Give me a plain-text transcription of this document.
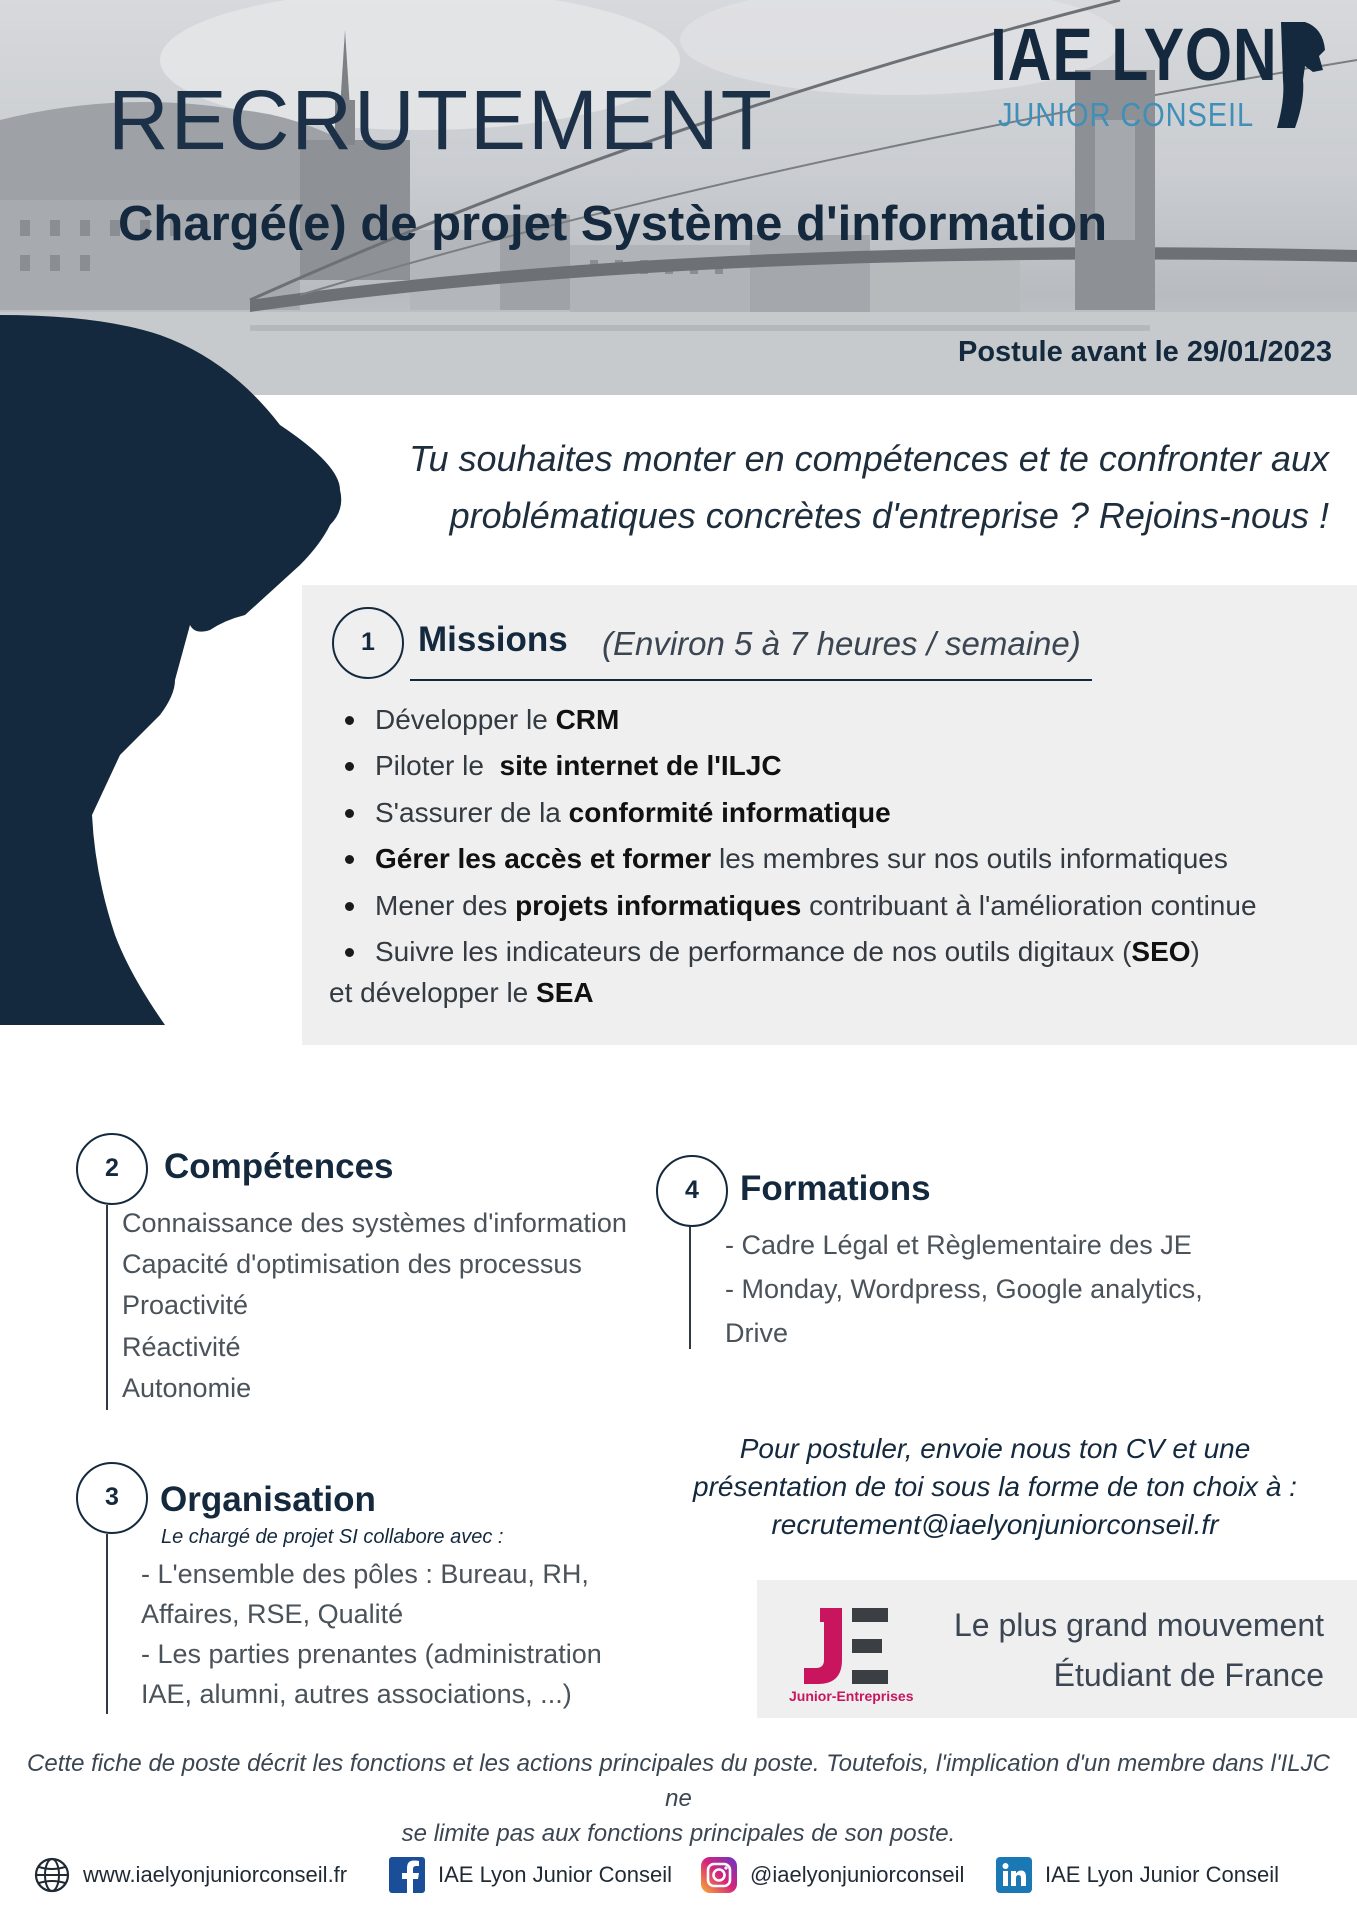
RECRUTEMENT
Chargé(e) de projet Système d'information
Postule avant le 29/01/2023
IAE LYON
JUNIOR CONSEIL
Tu souhaites monter en compétences et te confronter aux
problématiques concrètes d'entreprise ? Rejoins-nous !
1	Missions (Environ 5 à 7 heures / semaine)
Développer le CRM
Piloter le  site internet de l'ILJC
S'assurer de la conformité informatique
Gérer les accès et former les membres sur nos outils informatiques
Mener des projets informatiques contribuant à l'amélioration continue
Suivre les indicateurs de performance de nos outils digitaux (SEO)
et développer le SEA
2	Compétences
Connaissance des systèmes d'information
Capacité d'optimisation des processus
Proactivité
Réactivité
Autonomie
4	Formations
- Cadre Légal et Règlementaire des JE
- Monday, Wordpress, Google analytics,
Drive
3	Organisation
Le chargé de projet SI collabore avec :
- L'ensemble des pôles : Bureau, RH,
Affaires, RSE, Qualité
- Les parties prenantes (administration
IAE, alumni, autres associations, ...)
Pour postuler, envoie nous ton CV et une
présentation de toi sous la forme de ton choix à :
recrutement@iaelyonjuniorconseil.fr
Junior-Entreprises
Le plus grand mouvement
Étudiant de France
Cette fiche de poste décrit les fonctions et les actions principales du poste. Toutefois, l'implication d'un membre dans l'ILJC ne
se limite pas aux fonctions principales de son poste.
www.iaelyonjuniorconseil.fr	IAE Lyon Junior Conseil	@iaelyonjuniorconseil	IAE Lyon Junior Conseil
